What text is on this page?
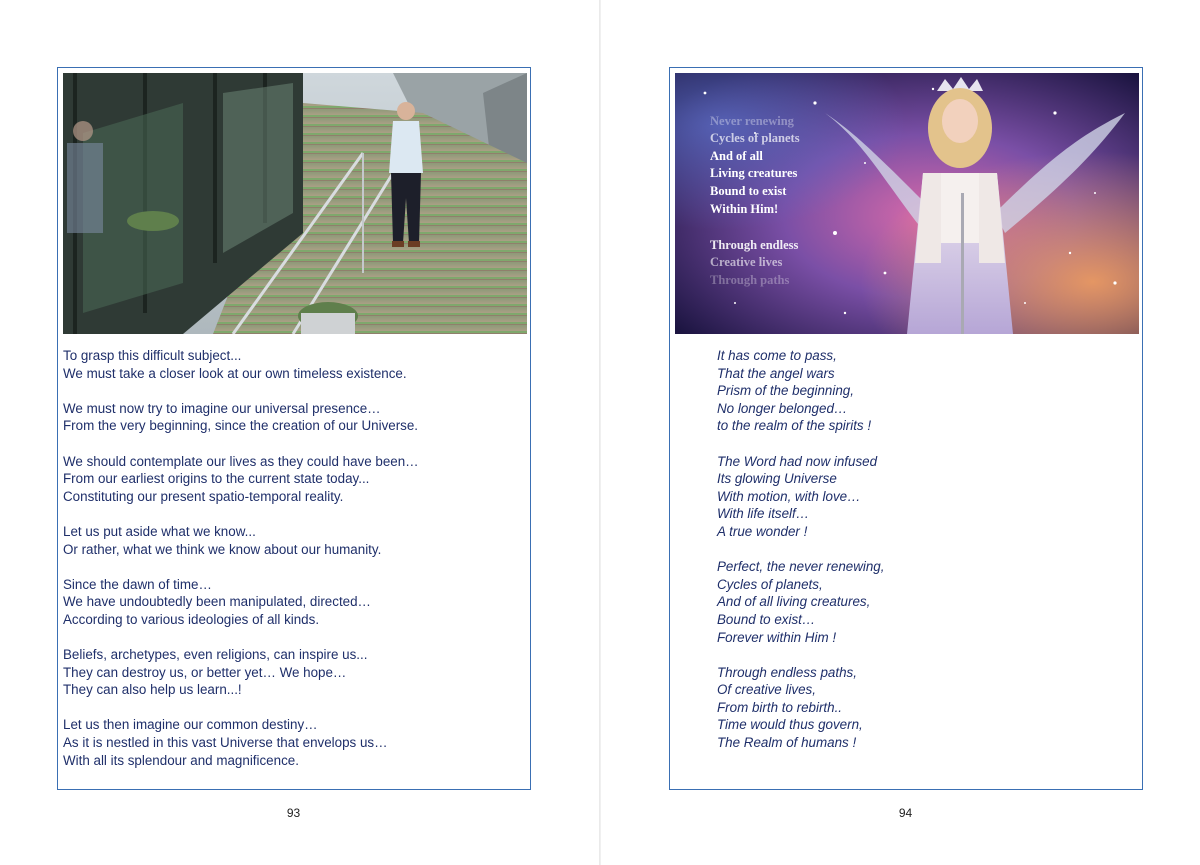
To grasp this difficult subject...
We must take a closer look at our own timeless existence.
We must now try to imagine our universal presence…
From the very beginning, since the creation of our Universe.
We should contemplate our lives as they could have been…
From our earliest origins to the current state today...
Constituting our present spatio-temporal reality.
Let us put aside what we know...
Or rather, what we think we know about our humanity.
Since the dawn of time…
We have undoubtedly been manipulated, directed…
According to various ideologies of all kinds.
Beliefs, archetypes, even religions, can inspire us...
They can destroy us, or better yet… We hope…
They can also help us learn...!
Let us then imagine our common destiny…
As it is nestled in this vast Universe that envelops us…
With all its splendour and magnificence.
93
Never renewing
Cycles of planets
And of all
Living creatures
Bound to exist
Within Him!
Through endless
Creative lives
Through paths
It has come to pass,
That the angel wars
Prism of the beginning,
No longer belonged…
to the realm of the spirits !
The Word had now infused
Its glowing Universe
With motion, with love…
With life itself…
A true wonder !
Perfect, the never renewing,
Cycles of planets,
And of all living creatures,
Bound to exist…
Forever within Him !
Through endless paths,
Of creative lives,
From birth to rebirth..
Time would thus govern,
The Realm of humans !
94
